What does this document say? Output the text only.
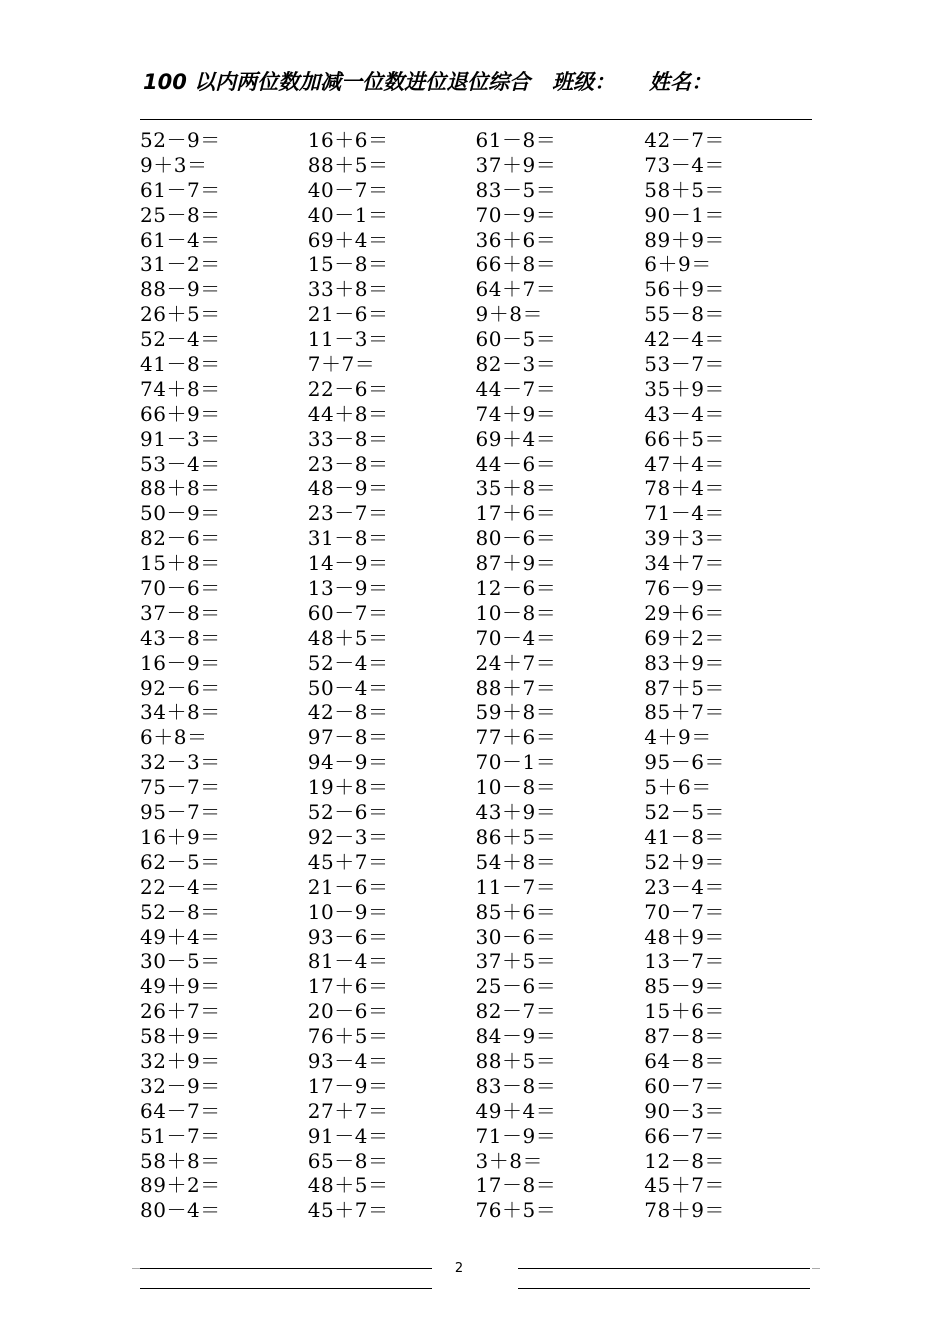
100 以内两位数加减一位数进位退位综合 班级： 姓名：
52－9＝	16＋6＝	61－8＝	42－7＝
9＋3＝	88＋5＝	37＋9＝	73－4＝
61－7＝	40－7＝	83－5＝	58＋5＝
25－8＝	40－1＝	70－9＝	90－1＝
61－4＝	69＋4＝	36＋6＝	89＋9＝
31－2＝	15－8＝	66＋8＝	6＋9＝
88－9＝	33＋8＝	64＋7＝	56＋9＝
26＋5＝	21－6＝	9＋8＝	55－8＝
52－4＝	11－3＝	60－5＝	42－4＝
41－8＝	7＋7＝	82－3＝	53－7＝
74＋8＝	22－6＝	44－7＝	35＋9＝
66＋9＝	44＋8＝	74＋9＝	43－4＝
91－3＝	33－8＝	69＋4＝	66＋5＝
53－4＝	23－8＝	44－6＝	47＋4＝
88＋8＝	48－9＝	35＋8＝	78＋4＝
50－9＝	23－7＝	17＋6＝	71－4＝
82－6＝	31－8＝	80－6＝	39＋3＝
15＋8＝	14－9＝	87＋9＝	34＋7＝
70－6＝	13－9＝	12－6＝	76－9＝
37－8＝	60－7＝	10－8＝	29＋6＝
43－8＝	48＋5＝	70－4＝	69＋2＝
16－9＝	52－4＝	24＋7＝	83＋9＝
92－6＝	50－4＝	88＋7＝	87＋5＝
34＋8＝	42－8＝	59＋8＝	85＋7＝
6＋8＝	97－8＝	77＋6＝	4＋9＝
32－3＝	94－9＝	70－1＝	95－6＝
75－7＝	19＋8＝	10－8＝	5＋6＝
95－7＝	52－6＝	43＋9＝	52－5＝
16＋9＝	92－3＝	86＋5＝	41－8＝
62－5＝	45＋7＝	54＋8＝	52＋9＝
22－4＝	21－6＝	11－7＝	23－4＝
52－8＝	10－9＝	85＋6＝	70－7＝
49＋4＝	93－6＝	30－6＝	48＋9＝
30－5＝	81－4＝	37＋5＝	13－7＝
49＋9＝	17＋6＝	25－6＝	85－9＝
26＋7＝	20－6＝	82－7＝	15＋6＝
58＋9＝	76＋5＝	84－9＝	87－8＝
32＋9＝	93－4＝	88＋5＝	64－8＝
32－9＝	17－9＝	83－8＝	60－7＝
64－7＝	27＋7＝	49＋4＝	90－3＝
51－7＝	91－4＝	71－9＝	66－7＝
58＋8＝	65－8＝	3＋8＝	12－8＝
89＋2＝	48＋5＝	17－8＝	45＋7＝
80－4＝	45＋7＝	76＋5＝	78＋9＝
2
